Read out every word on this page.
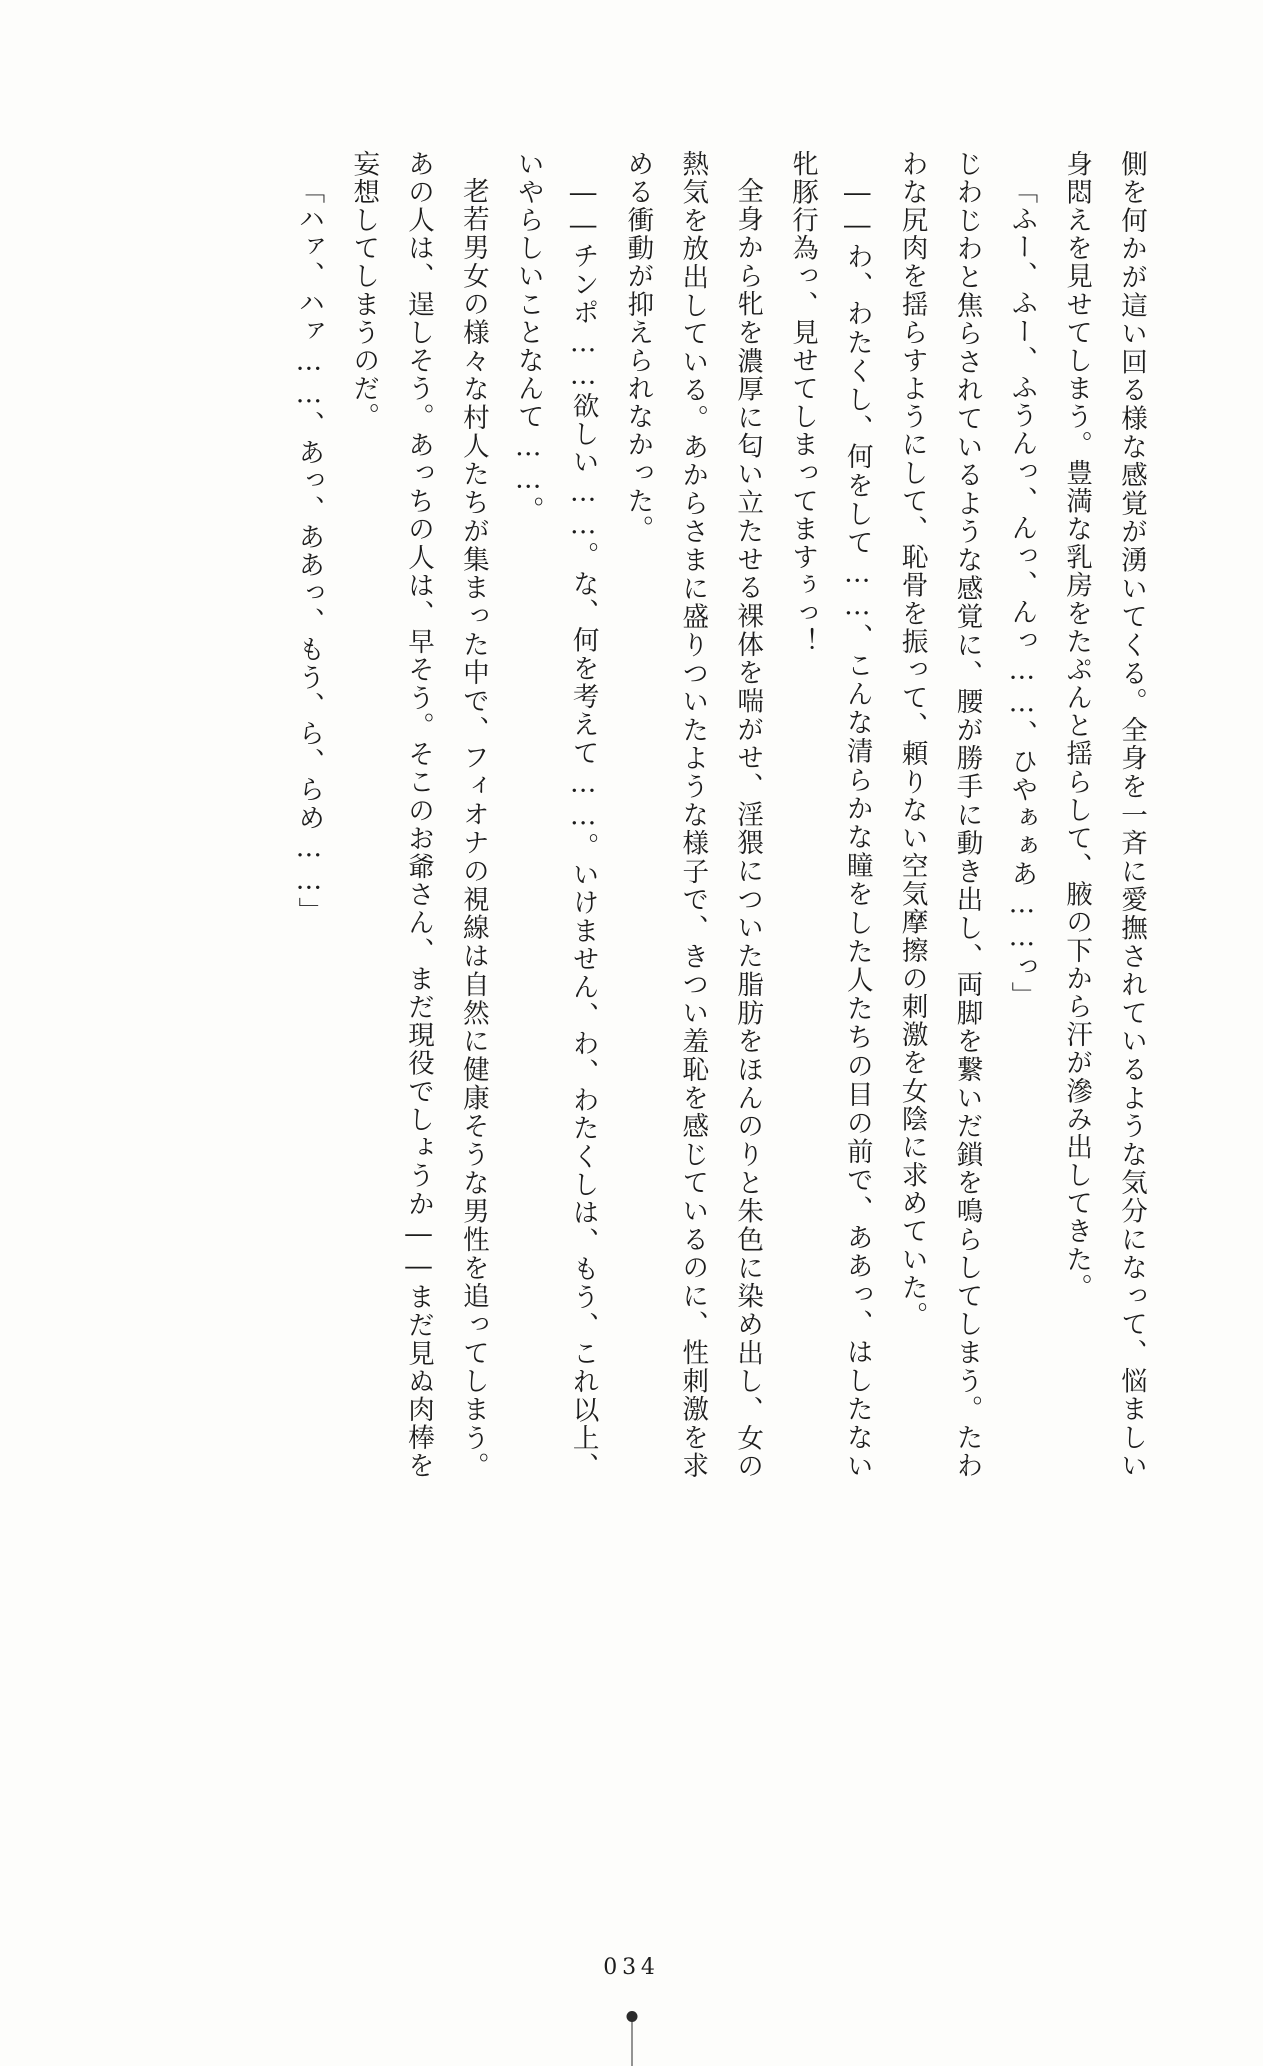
側を何かが這い回る様な感覚が湧いてくる。全身を一斉に愛撫されているような気分になって、悩ましい身悶えを見せてしまう。豊満な乳房をたぷんと揺らして、腋の下から汗が滲み出してきた。

「ふー、ふー、ふうんっ、んっ、んっ……、ひやぁぁあ……っ」

じわじわと焦らされているような感覚に、腰が勝手に動き出し、両脚を繋いだ鎖を鳴らしてしまう。たわわな尻肉を揺らすようにして、恥骨を振って、頼りない空気摩擦の刺激を女陰に求めていた。

――わ、わたくし、何をして……、こんな清らかな瞳をした人たちの目の前で、ああっ、はしたない牝豚行為っ、見せてしまってますぅっ！

全身から牝を濃厚に匂い立たせる裸体を喘がせ、淫猥についた脂肪をほんのりと朱色に染め出し、女の熱気を放出している。あからさまに盛りついたような様子で、きつい羞恥を感じているのに、性刺激を求める衝動が抑えられなかった。

――チンポ……欲しい……。な、何を考えて……。いけません、わ、わたくしは、もう、これ以上、いやらしいことなんて……。

老若男女の様々な村人たちが集まった中で、フィオナの視線は自然に健康そうな男性を追ってしまう。あの人は、逞しそう。あっちの人は、早そう。そこのお爺さん、まだ現役でしょうか――まだ見ぬ肉棒を妄想してしまうのだ。

「ハァ、ハァ……、あっ、ああっ、もう、ら、らめ……」

034
